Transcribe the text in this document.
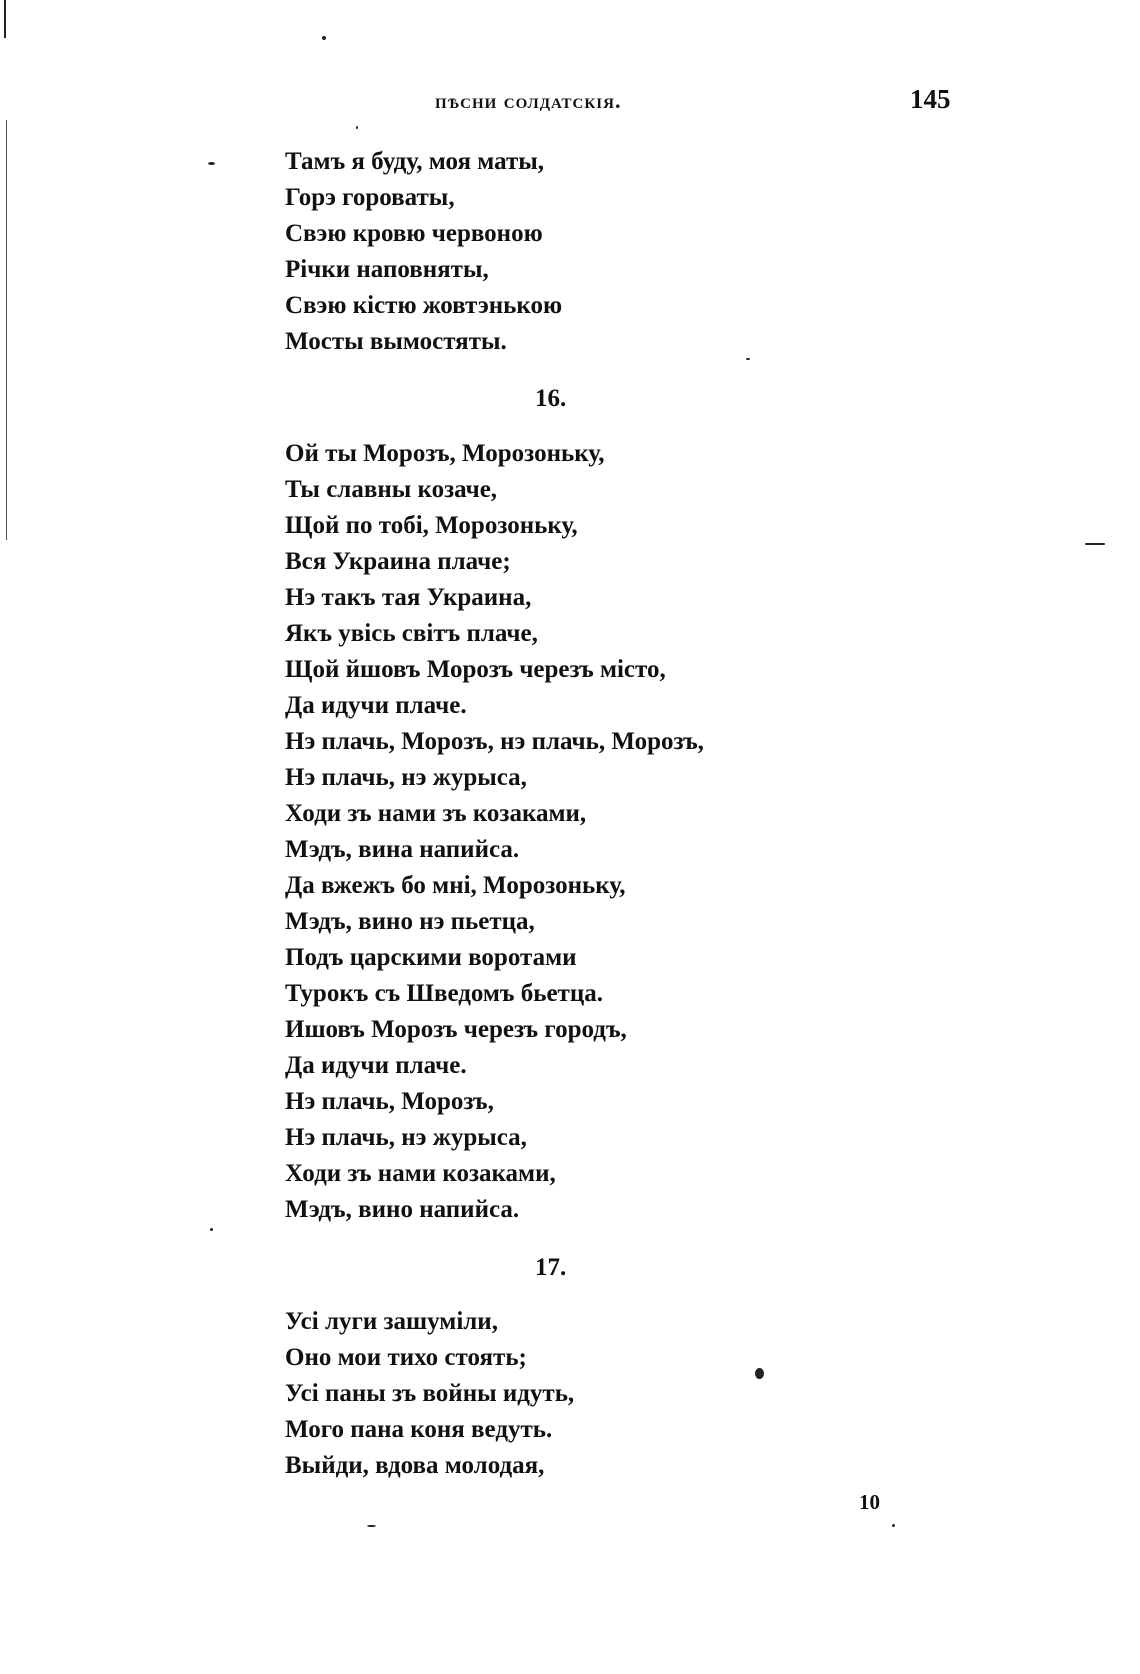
пѣсни солдатскія.	145
Тамъ я буду, моя маты,
Горэ гороваты,
Свэю кровю червоною
Річки наповняты,
Свэю кістю жовтэнькою
Мосты вымостяты.
16.
Ой ты Морозъ, Морозоньку,
Ты славны козаче,
Щой по тобі, Морозоньку,
Вся Украина плаче;
Нэ такъ тая Украина,
Якъ увісь світъ плаче,
Щой йшовъ Морозъ черезъ місто,
Да идучи плаче.
Нэ плачь, Морозъ, нэ плачь, Морозъ,
Нэ плачь, нэ журыса,
Ходи зъ нами зъ козаками,
Мэдъ, вина напийса.
Да вжежъ бо мні, Морозоньку,
Мэдъ, вино нэ пьетца,
Подъ царскими воротами
Турокъ съ Шведомъ бьетца.
Ишовъ Морозъ черезъ городъ,
Да идучи плаче.
Нэ плачь, Морозъ,
Нэ плачь, нэ журыса,
Ходи зъ нами козаками,
Мэдъ, вино напийса.
17.
Усі луги зашуміли,
Оно мои тихо стоять;
Усі паны зъ войны идуть,
Мого пана коня ведуть.
Выйди, вдова молодая,
10
